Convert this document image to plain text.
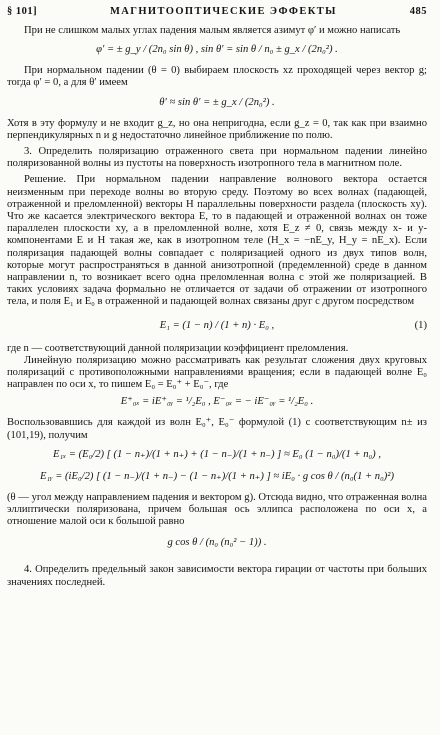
§ 101]	МАГНИТООПТИЧЕСКИЕ ЭФФЕКТЫ	485

При не слишком малых углах падения малым является азимут φ′ и можно написать

φ′ = ± g_y / (2n₀ sin θ) , sin θ′ = sin θ / n₀ ± g_x / (2n₀²) .

При нормальном падении (θ = 0) выбираем плоскость xz проходящей через вектор g; тогда φ′ = 0, а для θ′ имеем

θ′ ≈ sin θ′ = ± g_x / (2n₀²) .

Хотя в эту формулу и не входит g_z, но она непригодна, если g_z = 0, так как при взаимно перпендикулярных n и g недостаточно линейное приближение по полю.

3. Определить поляризацию отраженного света при нормальном падении линейно поляризованной волны из пустоты на поверхность изотропного тела в магнитном поле.

Решение. При нормальном падении направление волнового вектора остается неизменным при переходе волны во вторую среду. Поэтому во всех волнах (падающей, отраженной и преломленной) векторы H параллельны поверхности раздела (плоскость xy). Что же касается электрического вектора E, то в падающей и отраженной волнах он тоже параллелен плоскости xy, а в преломленной волне, хотя E_z ≠ 0, связь между x- и y-компонентами E и H такая же, как в изотропном теле (H_x = −nE_y, H_y = nE_x). Если поляризация падающей волны совпадает с поляризацией одного из двух типов волн, которые могут распространяться в данной анизотропной (предемленной) среде в данном направлении n, то возникает всего одна преломленная волна с этой же поляризацией. В таких условиях задача формально не отличается от задачи об отражении от изотропного тела, и поля E₁ и E₀ в отраженной и падающей волнах связаны друг с другом посредством

E₁ = (1 − n) / (1 + n) · E₀ ,	(1)

где n — соответствующий данной поляризации коэффициент преломления.

Линейную поляризацию можно рассматривать как результат сложения двух круговых поляризаций с противоположными направлениями вращения; если в падающей волне E₀ направлен по оси x, то пишем E₀ = E₀⁺ + E₀⁻, где

E⁺₀ₓ = iE⁺₀ᵧ = ¹/₂E₀ , E⁻₀ₓ = − iE⁻₀ᵧ = ¹/₂E₀ .

Воспользовавшись для каждой из волн E₀⁺, E₀⁻ формулой (1) с соответствующим n± из (101,19), получим

E₁ₓ = (E₀/2) [ (1 − n₊)/(1 + n₊) + (1 − n₋)/(1 + n₋) ] ≈ E₀ (1 − n₀)/(1 + n₀) ,
E₁ᵧ = (iE₀/2) [ (1 − n₋)/(1 + n₋) − (1 − n₊)/(1 + n₊) ] ≈ iE₀ · g cos θ / (n₀(1 + n₀)²)

(θ — угол между направлением падения и вектором g). Отсюда видно, что отраженная волна эллиптически поляризована, причем большая ось эллипса расположена по оси x, а отношение малой оси к большой равно

g cos θ / (n₀ (n₀² − 1)) .

4. Определить предельный закон зависимости вектора гирации от частоты при больших значениях последней.
